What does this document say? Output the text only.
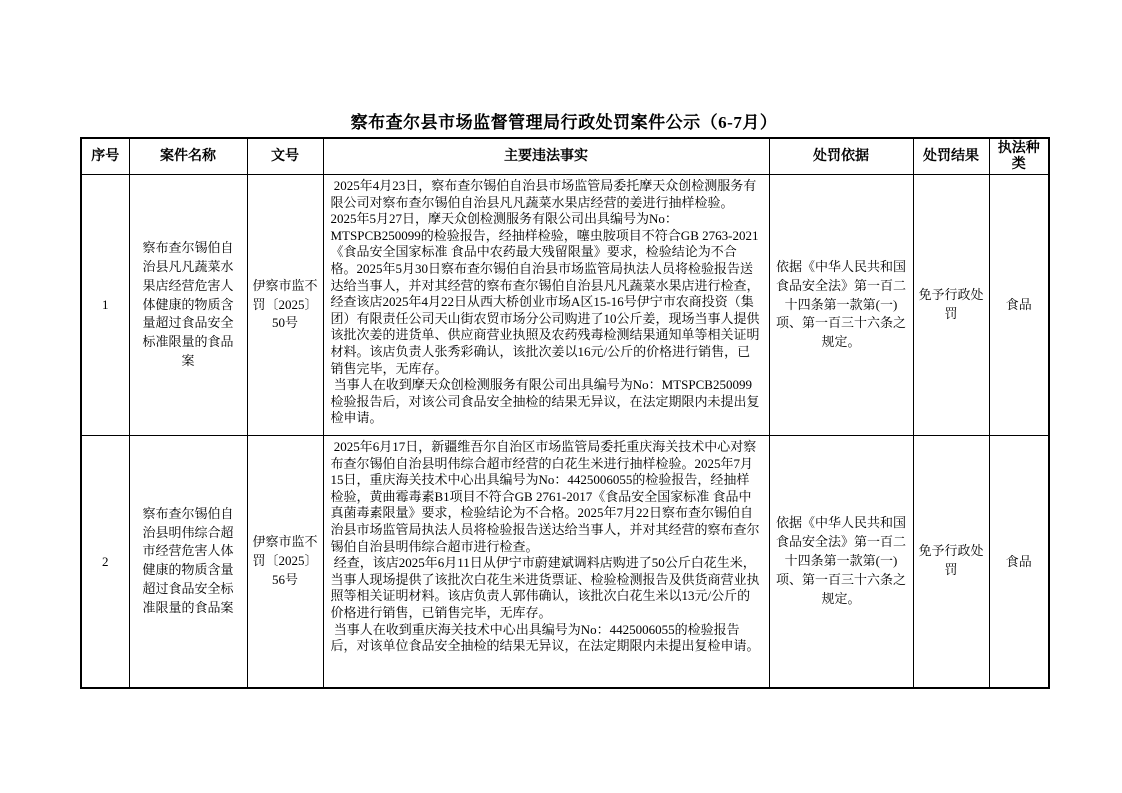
察布查尔县市场监督管理局行政处罚案件公示（6-7月）
序号	案件名称	文号	主要违法事实	处罚依据	处罚结果	执法种类
1	察布查尔锡伯自治县凡凡蔬菜水果店经营危害人体健康的物质含量超过食品安全标准限量的食品案	伊察市监不罚〔2025〕50号	2025年4月23日，察布查尔锡伯自治县市场监管局委托摩天众创检测服务有限公司对察布查尔锡伯自治县凡凡蔬菜水果店经营的姜进行抽样检验。

2025年5月27日，摩天众创检测服务有限公司出具编号为No：MTSPCB250099的检验报告，经抽样检验，噻虫胺项目不符合GB 2763-2021《食品安全国家标准 食品中农药最大残留限量》要求，检验结论为不合格。2025年5月30日察布查尔锡伯自治县市场监管局执法人员将检验报告送达给当事人，并对其经营的察布查尔锡伯自治县凡凡蔬菜水果店进行检查，经查该店2025年4月22日从西大桥创业市场A区15-16号伊宁市农商投资（集团）有限责任公司天山街农贸市场分公司购进了10公斤姜，现场当事人提供该批次姜的进货单、供应商营业执照及农药残毒检测结果通知单等相关证明材料。该店负责人张秀彩确认，该批次姜以16元/公斤的价格进行销售，已销售完毕，无库存。

当事人在收到摩天众创检测服务有限公司出具编号为No：MTSPCB250099检验报告后，对该公司食品安全抽检的结果无异议，在法定期限内未提出复检申请。	依据《中华人民共和国食品安全法》第一百二十四条第一款第(一)项、第一百三十六条之规定。	免予行政处罚	食品
2	察布查尔锡伯自治县明伟综合超市经营危害人体健康的物质含量超过食品安全标准限量的食品案	伊察市监不罚〔2025〕56号	2025年6月17日，新疆维吾尔自治区市场监管局委托重庆海关技术中心对察布查尔锡伯自治县明伟综合超市经营的白花生米进行抽样检验。2025年7月15日，重庆海关技术中心出具编号为No：4425006055的检验报告，经抽样检验，黄曲霉毒素B1项目不符合GB 2761-2017《食品安全国家标准 食品中真菌毒素限量》要求，检验结论为不合格。2025年7月22日察布查尔锡伯自治县市场监管局执法人员将检验报告送达给当事人，并对其经营的察布查尔锡伯自治县明伟综合超市进行检查。

经查，该店2025年6月11日从伊宁市蔚建斌调料店购进了50公斤白花生米，当事人现场提供了该批次白花生米进货票证、检验检测报告及供货商营业执照等相关证明材料。该店负责人郭伟确认，该批次白花生米以13元/公斤的价格进行销售，已销售完毕，无库存。

当事人在收到重庆海关技术中心出具编号为No：4425006055的检验报告后，对该单位食品安全抽检的结果无异议，在法定期限内未提出复检申请。	依据《中华人民共和国食品安全法》第一百二十四条第一款第(一)项、第一百三十六条之规定。	免予行政处罚	食品
